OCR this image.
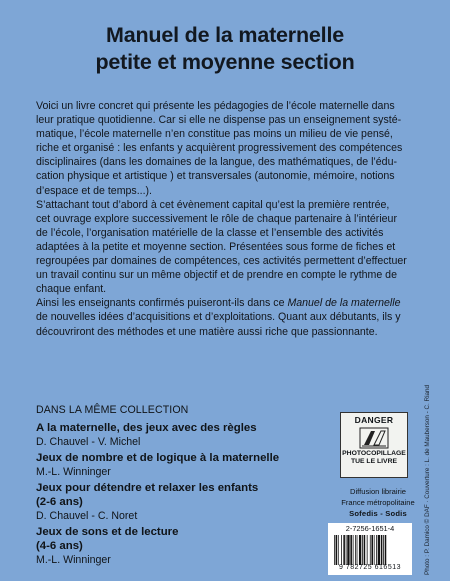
Manuel de la maternelle
petite et moyenne section

Voici un livre concret qui présente les pédagogies de l’école maternelle dans
leur pratique quotidienne. Car si elle ne dispense pas un enseignement systé-
matique, l’école maternelle n’en constitue pas moins un milieu de vie pensé,
riche et organisé : les enfants y acquièrent progressivement des compétences
disciplinaires (dans les domaines de la langue, des mathématiques, de l’édu-
cation physique et artistique ) et transversales (autonomie, mémoire, notions
d’espace et de temps...).

S’attachant tout d’abord à cet évènement capital qu’est la première rentrée,
cet ouvrage explore successivement le rôle de chaque partenaire à l’intérieur
de l’école, l’organisation matérielle de la classe et l’ensemble des activités
adaptées à la petite et moyenne section. Présentées sous forme de fiches et
regroupées par domaines de compétences, ces activités permettent d’effectuer
un travail continu sur un même objectif et de prendre en compte le rythme de
chaque enfant.

Ainsi les enseignants confirmés puiseront-ils dans ce Manuel de la maternelle
de nouvelles idées d’acquisitions et d’exploitations. Quant aux débutants, ils y
découvriront des méthodes et une matière aussi riche que passionnante.

DANS LA MÊME COLLECTION
A la maternelle, des jeux avec des règles
D. Chauvel - V. Michel
Jeux de nombre et de logique à la maternelle
M.-L. Winninger
Jeux pour détendre et relaxer les enfants
(2-6 ans)
D. Chauvel - C. Noret
Jeux de sons et de lecture
(4-6 ans)
M.-L. Winninger
DANGER
PHOTOCOPILLAGE
TUE LE LIVRE
Diffusion librairie
France métropolitaine
Sofedis - Sodis
2-7256-1651-4
9 782725 616513	Photo : P. Damico © DAF · Couverture : L. de Mauberson - C. Riand
